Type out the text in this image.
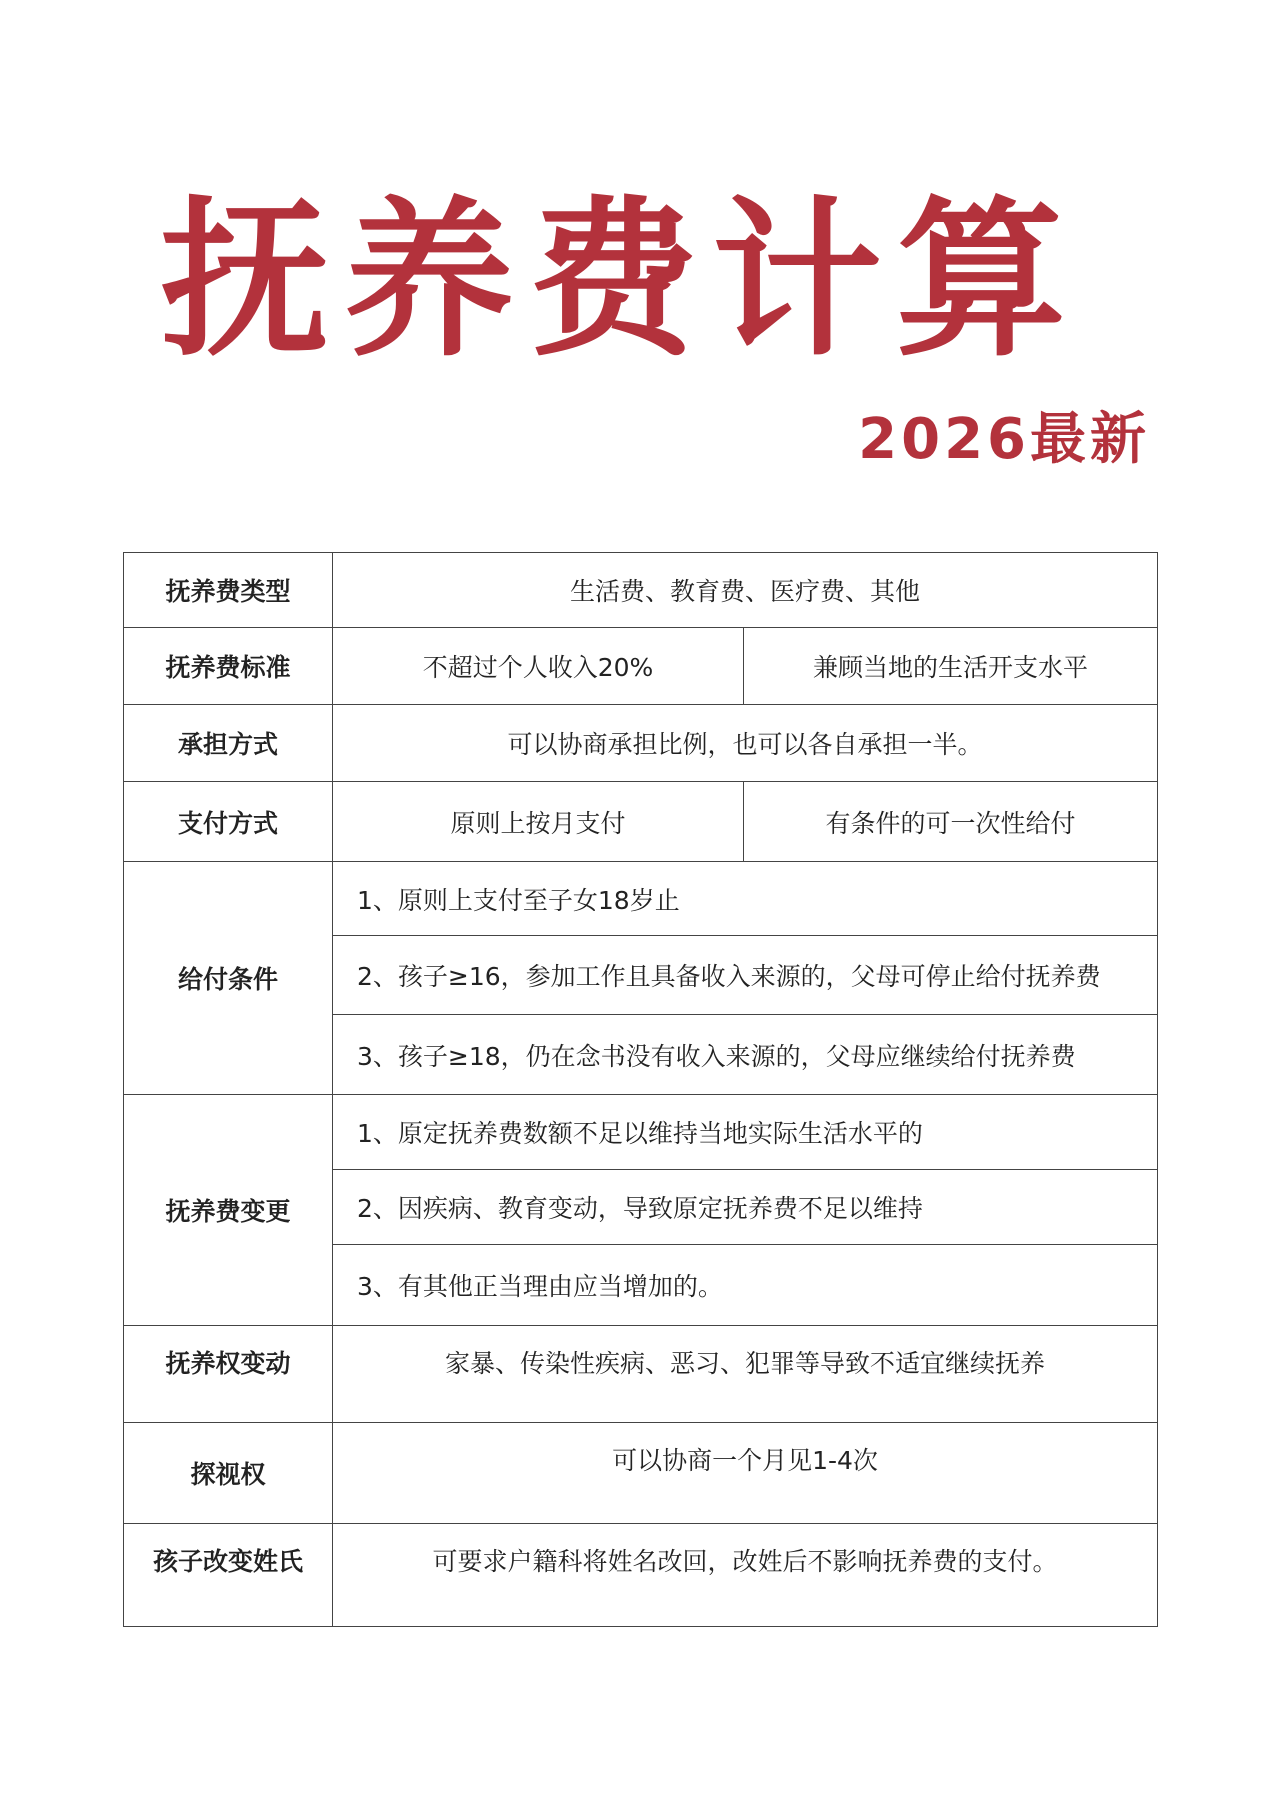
抚养费计算
2026最新
抚养费类型	生活费、教育费、医疗费、其他	
抚养费标准	不超过个人收入20%	兼顾当地的生活开支水平
承担方式	可以协商承担比例，也可以各自承担一半。	
支付方式	原则上按月支付	有条件的可一次性给付
给付条件	1、原则上支付至子女18岁止	
	2、孩子≥16，参加工作且具备收入来源的，父母可停止给付抚养费	
	3、孩子≥18，仍在念书没有收入来源的，父母应继续给付抚养费	
抚养费变更	1、原定抚养费数额不足以维持当地实际生活水平的	
	2、因疾病、教育变动，导致原定抚养费不足以维持	
	3、有其他正当理由应当增加的。	
抚养权变动	家暴、传染性疾病、恶习、犯罪等导致不适宜继续抚养	
探视权	可以协商一个月见1-4次	
孩子改变姓氏	可要求户籍科将姓名改回，改姓后不影响抚养费的支付。	
